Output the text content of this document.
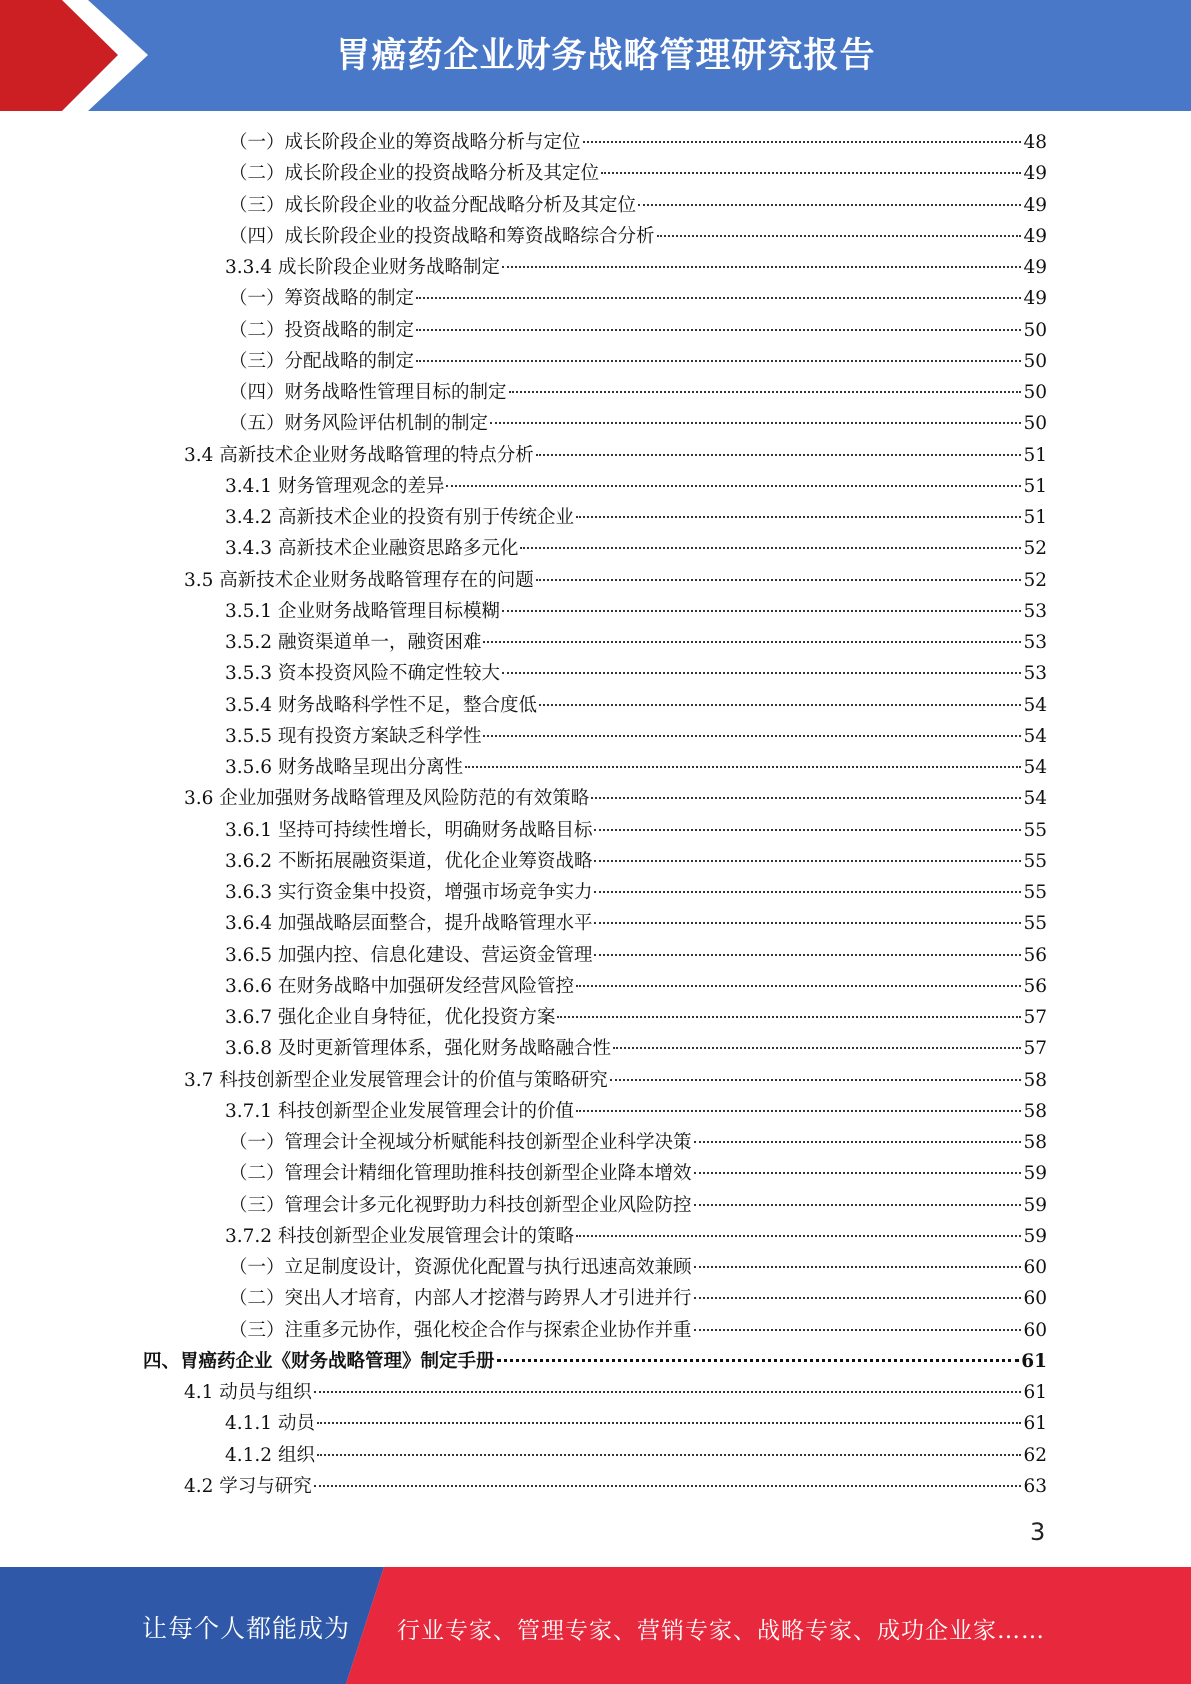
胃癌药企业财务战略管理研究报告
（一）成长阶段企业的筹资战略分析与定位	48
（二）成长阶段企业的投资战略分析及其定位	49
（三）成长阶段企业的收益分配战略分析及其定位	49
（四）成长阶段企业的投资战略和筹资战略综合分析	49
3.3.4 成长阶段企业财务战略制定	49
（一）筹资战略的制定	49
（二）投资战略的制定	50
（三）分配战略的制定	50
（四）财务战略性管理目标的制定	50
（五）财务风险评估机制的制定	50
3.4 高新技术企业财务战略管理的特点分析	51
3.4.1 财务管理观念的差异	51
3.4.2 高新技术企业的投资有别于传统企业	51
3.4.3 高新技术企业融资思路多元化	52
3.5 高新技术企业财务战略管理存在的问题	52
3.5.1 企业财务战略管理目标模糊	53
3.5.2 融资渠道单一，融资困难	53
3.5.3 资本投资风险不确定性较大	53
3.5.4 财务战略科学性不足，整合度低	54
3.5.5 现有投资方案缺乏科学性	54
3.5.6 财务战略呈现出分离性	54
3.6 企业加强财务战略管理及风险防范的有效策略	54
3.6.1 坚持可持续性增长，明确财务战略目标	55
3.6.2 不断拓展融资渠道，优化企业筹资战略	55
3.6.3 实行资金集中投资，增强市场竞争实力	55
3.6.4 加强战略层面整合，提升战略管理水平	55
3.6.5 加强内控、信息化建设、营运资金管理	56
3.6.6 在财务战略中加强研发经营风险管控	56
3.6.7 强化企业自身特征，优化投资方案	57
3.6.8 及时更新管理体系，强化财务战略融合性	57
3.7 科技创新型企业发展管理会计的价值与策略研究	58
3.7.1 科技创新型企业发展管理会计的价值	58
（一）管理会计全视域分析赋能科技创新型企业科学决策	58
（二）管理会计精细化管理助推科技创新型企业降本增效	59
（三）管理会计多元化视野助力科技创新型企业风险防控	59
3.7.2 科技创新型企业发展管理会计的策略	59
（一）立足制度设计，资源优化配置与执行迅速高效兼顾	60
（二）突出人才培育，内部人才挖潜与跨界人才引进并行	60
（三）注重多元协作，强化校企合作与探索企业协作并重	60
四、胃癌药企业《财务战略管理》制定手册	61
4.1 动员与组织	61
4.1.1 动员	61
4.1.2 组织	62
4.2 学习与研究	63
3
让每个人都能成为 行业专家、管理专家、营销专家、战略专家、成功企业家……
